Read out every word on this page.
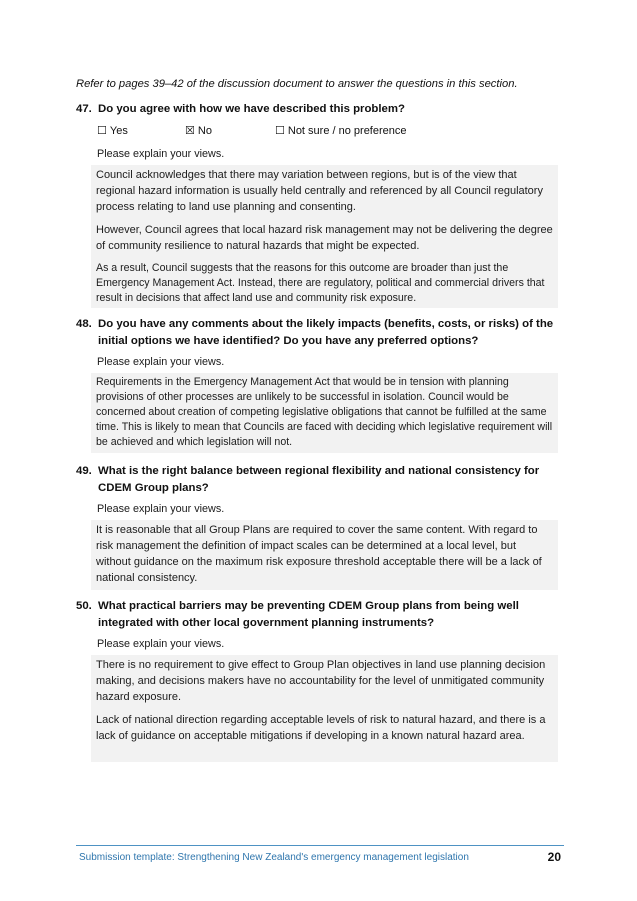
Refer to pages 39–42 of the discussion document to answer the questions in this section.
47. Do you agree with how we have described this problem?
☐ Yes	☒ No	☐ Not sure / no preference
Please explain your views.

Council acknowledges that there may variation between regions, but is of the view that regional hazard information is usually held centrally and referenced by all Council regulatory process relating to land use planning and consenting.

However, Council agrees that local hazard risk management may not be delivering the degree of community resilience to natural hazards that might be expected.

As a result, Council suggests that the reasons for this outcome are broader than just the Emergency Management Act. Instead, there are regulatory, political and commercial drivers that result in decisions that affect land use and community risk exposure.

48. Do you have any comments about the likely impacts (benefits, costs, or risks) of the initial options we have identified? Do you have any preferred options?
Please explain your views.

Requirements in the Emergency Management Act that would be in tension with planning provisions of other processes are unlikely to be successful in isolation. Council would be concerned about creation of competing legislative obligations that cannot be fulfilled at the same time. This is likely to mean that Councils are faced with deciding which legislative requirement will be achieved and which legislation will not.

49. What is the right balance between regional flexibility and national consistency for CDEM Group plans?
Please explain your views.

It is reasonable that all Group Plans are required to cover the same content. With regard to risk management the definition of impact scales can be determined at a local level, but without guidance on the maximum risk exposure threshold acceptable there will be a lack of national consistency.

50. What practical barriers may be preventing CDEM Group plans from being well integrated with other local government planning instruments?
Please explain your views.

There is no requirement to give effect to Group Plan objectives in land use planning decision making, and decisions makers have no accountability for the level of unmitigated community hazard exposure.

Lack of national direction regarding acceptable levels of risk to natural hazard, and there is a lack of guidance on acceptable mitigations if developing in a known natural hazard area.

Submission template: Strengthening New Zealand's emergency management legislation	20
